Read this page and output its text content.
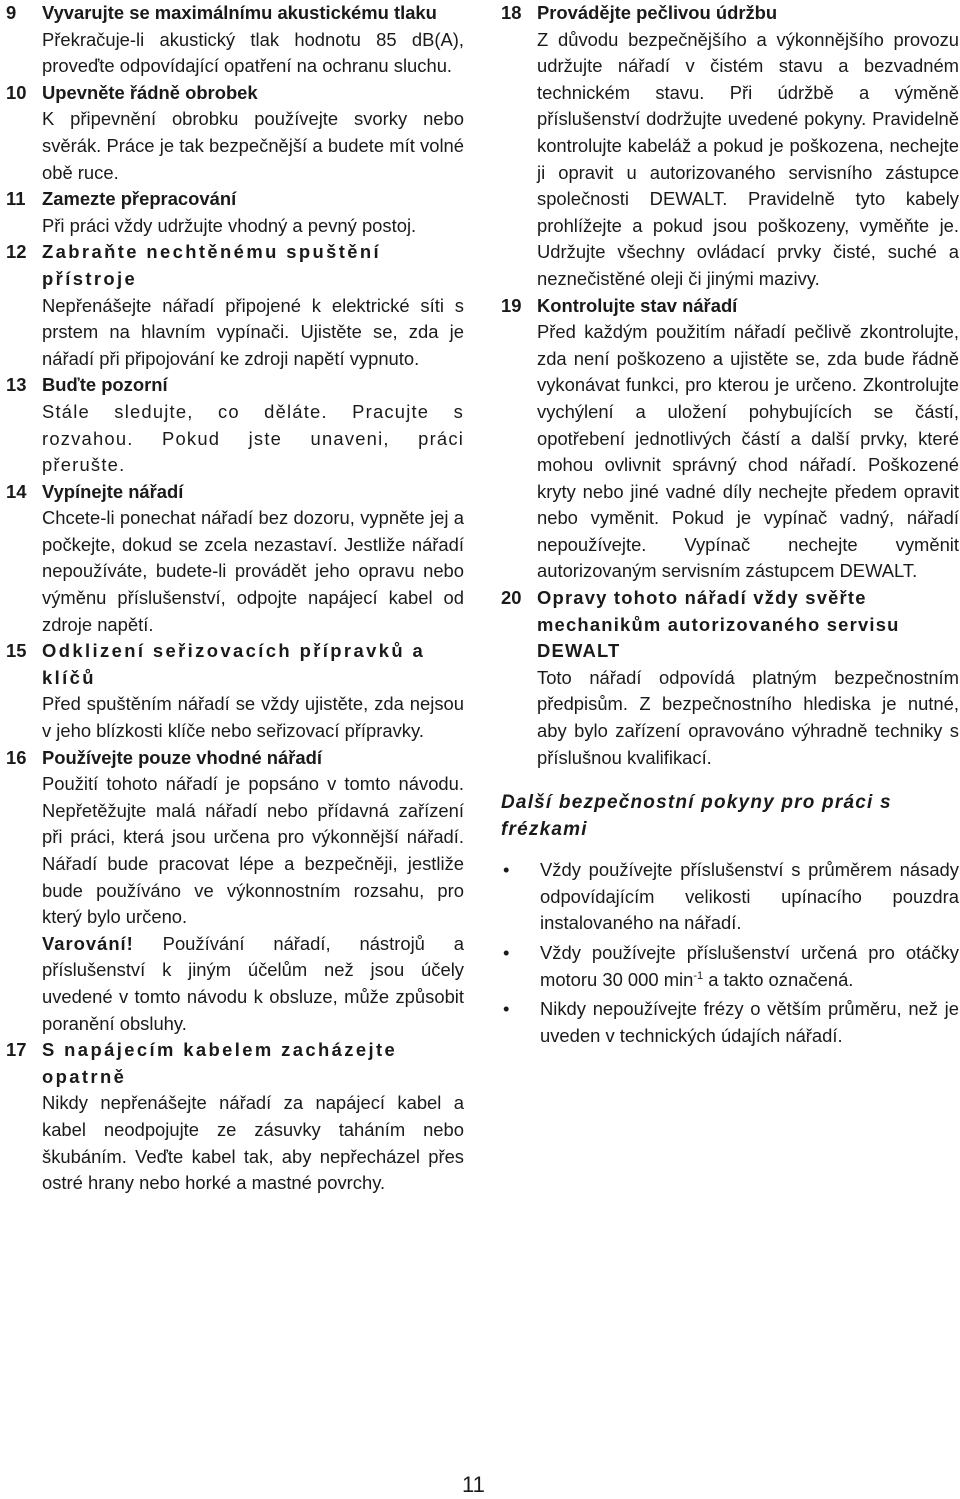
9 Vyvarujte se maximálnímu akustickému tlaku
Překračuje-li akustický tlak hodnotu 85 dB(A), proveďte odpovídající opatření na ochranu sluchu.
10 Upevněte řádně obrobek
K připevnění obrobku používejte svorky nebo svěrák. Práce je tak bezpečnější a budete mít volné obě ruce.
11 Zamezte přepracování
Při práci vždy udržujte vhodný a pevný postoj.
12 Zabraňte nechtěnému spuštění přístroje
Nepřenášejte nářadí připojené k elektrické síti s prstem na hlavním vypínači. Ujistěte se, zda je nářadí při připojování ke zdroji napětí vypnuto.
13 Buďte pozorní
Stále sledujte, co děláte. Pracujte s rozvahou. Pokud jste unaveni, práci přerušte.
14 Vypínejte nářadí
Chcete-li ponechat nářadí bez dozoru, vypněte jej a počkejte, dokud se zcela nezastaví. Jestliže nářadí nepoužíváte, budete-li provádět jeho opravu nebo výměnu příslušenství, odpojte napájecí kabel od zdroje napětí.
15 Odklizení seřizovacích přípravků a klíčů
Před spuštěním nářadí se vždy ujistěte, zda nejsou v jeho blízkosti klíče nebo seřizovací přípravky.
16 Používejte pouze vhodné nářadí
Použití tohoto nářadí je popsáno v tomto návodu. Nepřetěžujte malá nářadí nebo přídavná zařízení při práci, která jsou určena pro výkonnější nářadí. Nářadí bude pracovat lépe a bezpečněji, jestliže bude používáno ve výkonnostním rozsahu, pro který bylo určeno.
Varování! Používání nářadí, nástrojů a příslušenství k jiným účelům než jsou účely uvedené v tomto návodu k obsluze, může způsobit poranění obsluhy.
17 S napájecím kabelem zacházejte opatrně
Nikdy nepřenášejte nářadí za napájecí kabel a kabel neodpojujte ze zásuvky taháním nebo škubáním. Veďte kabel tak, aby nepřecházel přes ostré hrany nebo horké a mastné povrchy.
18 Provádějte pečlivou údržbu
Z důvodu bezpečnějšího a výkonnějšího provozu udržujte nářadí v čistém stavu a bezvadném technickém stavu. Při údržbě a výměně příslušenství dodržujte uvedené pokyny. Pravidelně kontrolujte kabeláž a pokud je poškozena, nechejte ji opravit u autorizovaného servisního zástupce společnosti DEWALT. Pravidelně tyto kabely prohlížejte a pokud jsou poškozeny, vyměňte je. Udržujte všechny ovládací prvky čisté, suché a neznečistěné oleji či jinými mazivy.
19 Kontrolujte stav nářadí
Před každým použitím nářadí pečlivě zkontrolujte, zda není poškozeno a ujistěte se, zda bude řádně vykonávat funkci, pro kterou je určeno. Zkontrolujte vychýlení a uložení pohybujících se částí, opotřebení jednotlivých částí a další prvky, které mohou ovlivnit správný chod nářadí. Poškozené kryty nebo jiné vadné díly nechejte předem opravit nebo vyměnit. Pokud je vypínač vadný, nářadí nepoužívejte. Vypínač nechejte vyměnit autorizovaným servisním zástupcem DEWALT.
20 Opravy tohoto nářadí vždy svěřte mechanikům autorizovaného servisu DEWALT
Toto nářadí odpovídá platným bezpečnostním předpisům. Z bezpečnostního hlediska je nutné, aby bylo zařízení opravováno výhradně techniky s příslušnou kvalifikací.
Další bezpečnostní pokyny pro práci s frézkami
• Vždy používejte příslušenství s průměrem násady odpovídajícím velikosti upínacího pouzdra instalovaného na nářadí.
• Vždy používejte příslušenství určená pro otáčky motoru 30 000 $\min^{-1} a$ takto označená.
• Nikdy nepoužívejte frézy o větším průměru, než je uveden v technických údajích nářadí.
11
